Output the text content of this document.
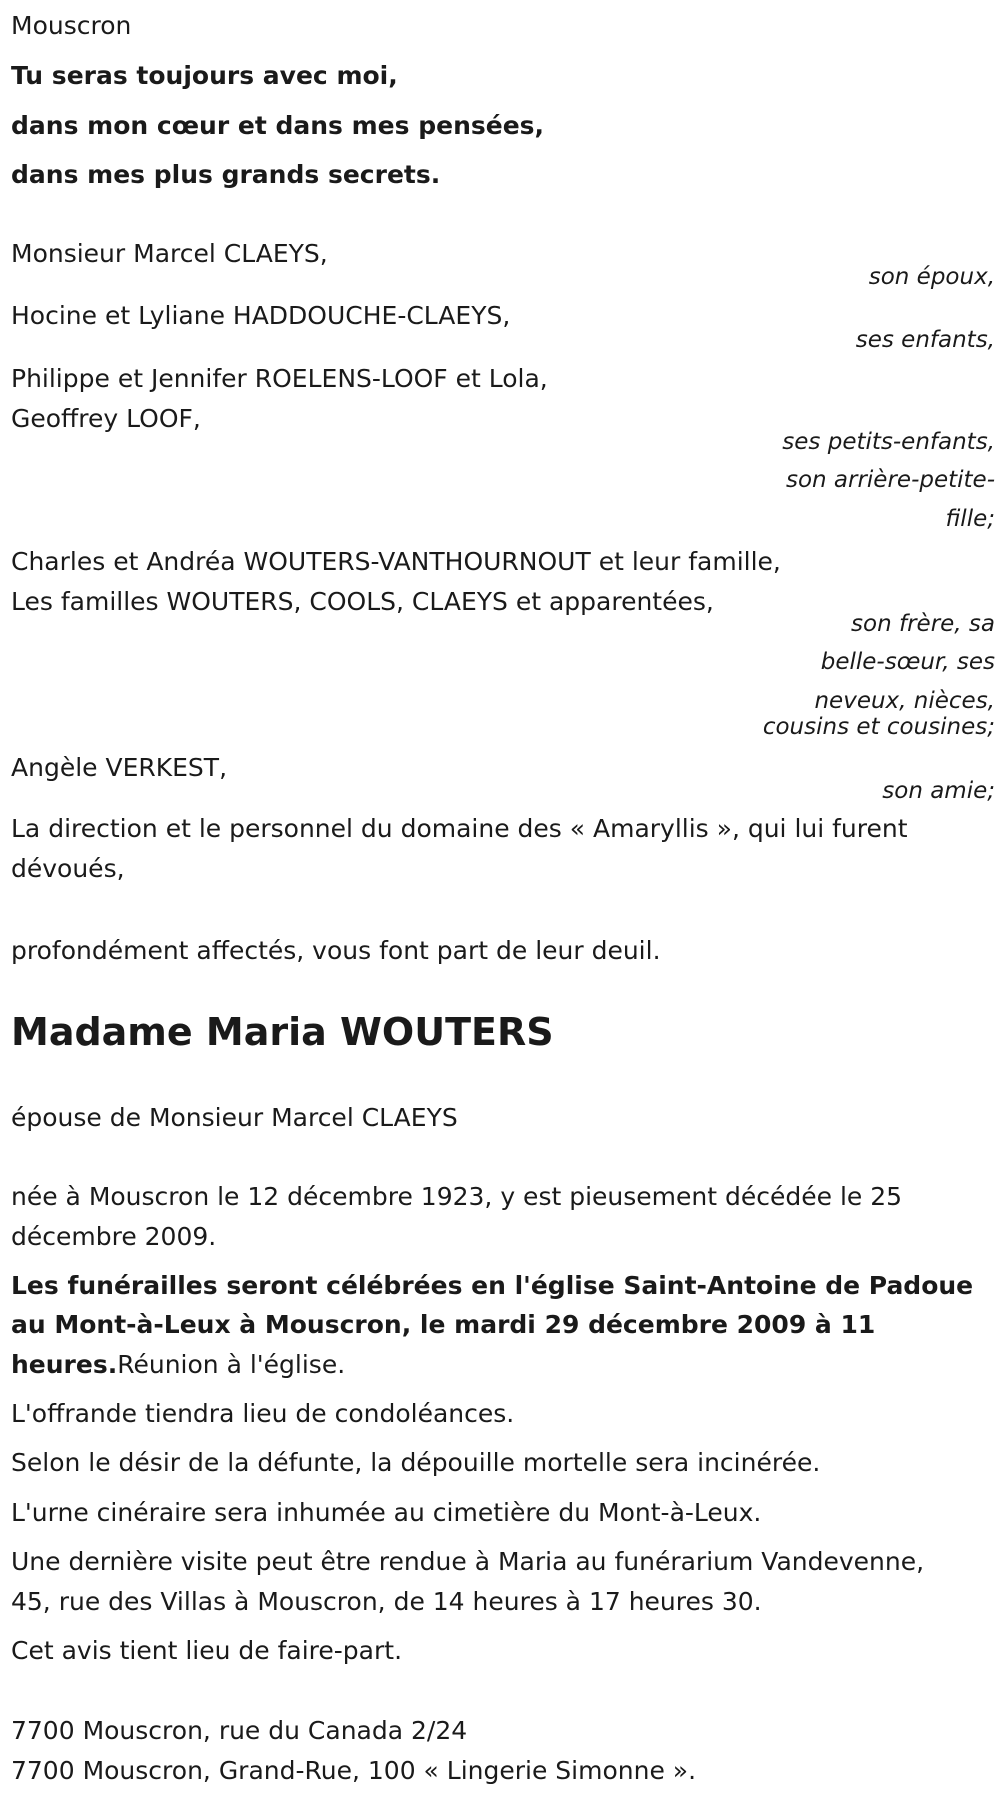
Mouscron
Tu seras toujours avec moi,
dans mon cœur et dans mes pensées,
dans mes plus grands secrets.
Monsieur Marcel CLAEYS,
son époux,
Hocine et Lyliane HADDOUCHE-CLAEYS,
ses enfants,
Philippe et Jennifer ROELENS-LOOF et Lola,
Geoffrey LOOF,
ses petits-enfants,
son arrière-petite-
fille;
Charles et Andréa WOUTERS-VANTHOURNOUT et leur famille,
Les familles WOUTERS, COOLS, CLAEYS et apparentées,
son frère, sa
belle-sœur, ses
neveux, nièces,
cousins et cousines;
Angèle VERKEST,
son amie;
La direction et le personnel du domaine des « Amaryllis », qui lui furent
dévoués,
profondément affectés, vous font part de leur deuil.
Madame Maria WOUTERS
épouse de Monsieur Marcel CLAEYS
née à Mouscron le 12 décembre 1923, y est pieusement décédée le 25
décembre 2009.
Les funérailles seront célébrées en l'église Saint-Antoine de Padoue
au Mont-à-Leux à Mouscron, le mardi 29 décembre 2009 à 11
heures.Réunion à l'église.
L'offrande tiendra lieu de condoléances.
Selon le désir de la défunte, la dépouille mortelle sera incinérée.
L'urne cinéraire sera inhumée au cimetière du Mont-à-Leux.
Une dernière visite peut être rendue à Maria au funérarium Vandevenne,
45, rue des Villas à Mouscron, de 14 heures à 17 heures 30.
Cet avis tient lieu de faire-part.
7700 Mouscron, rue du Canada 2/24
7700 Mouscron, Grand-Rue, 100 « Lingerie Simonne ».
